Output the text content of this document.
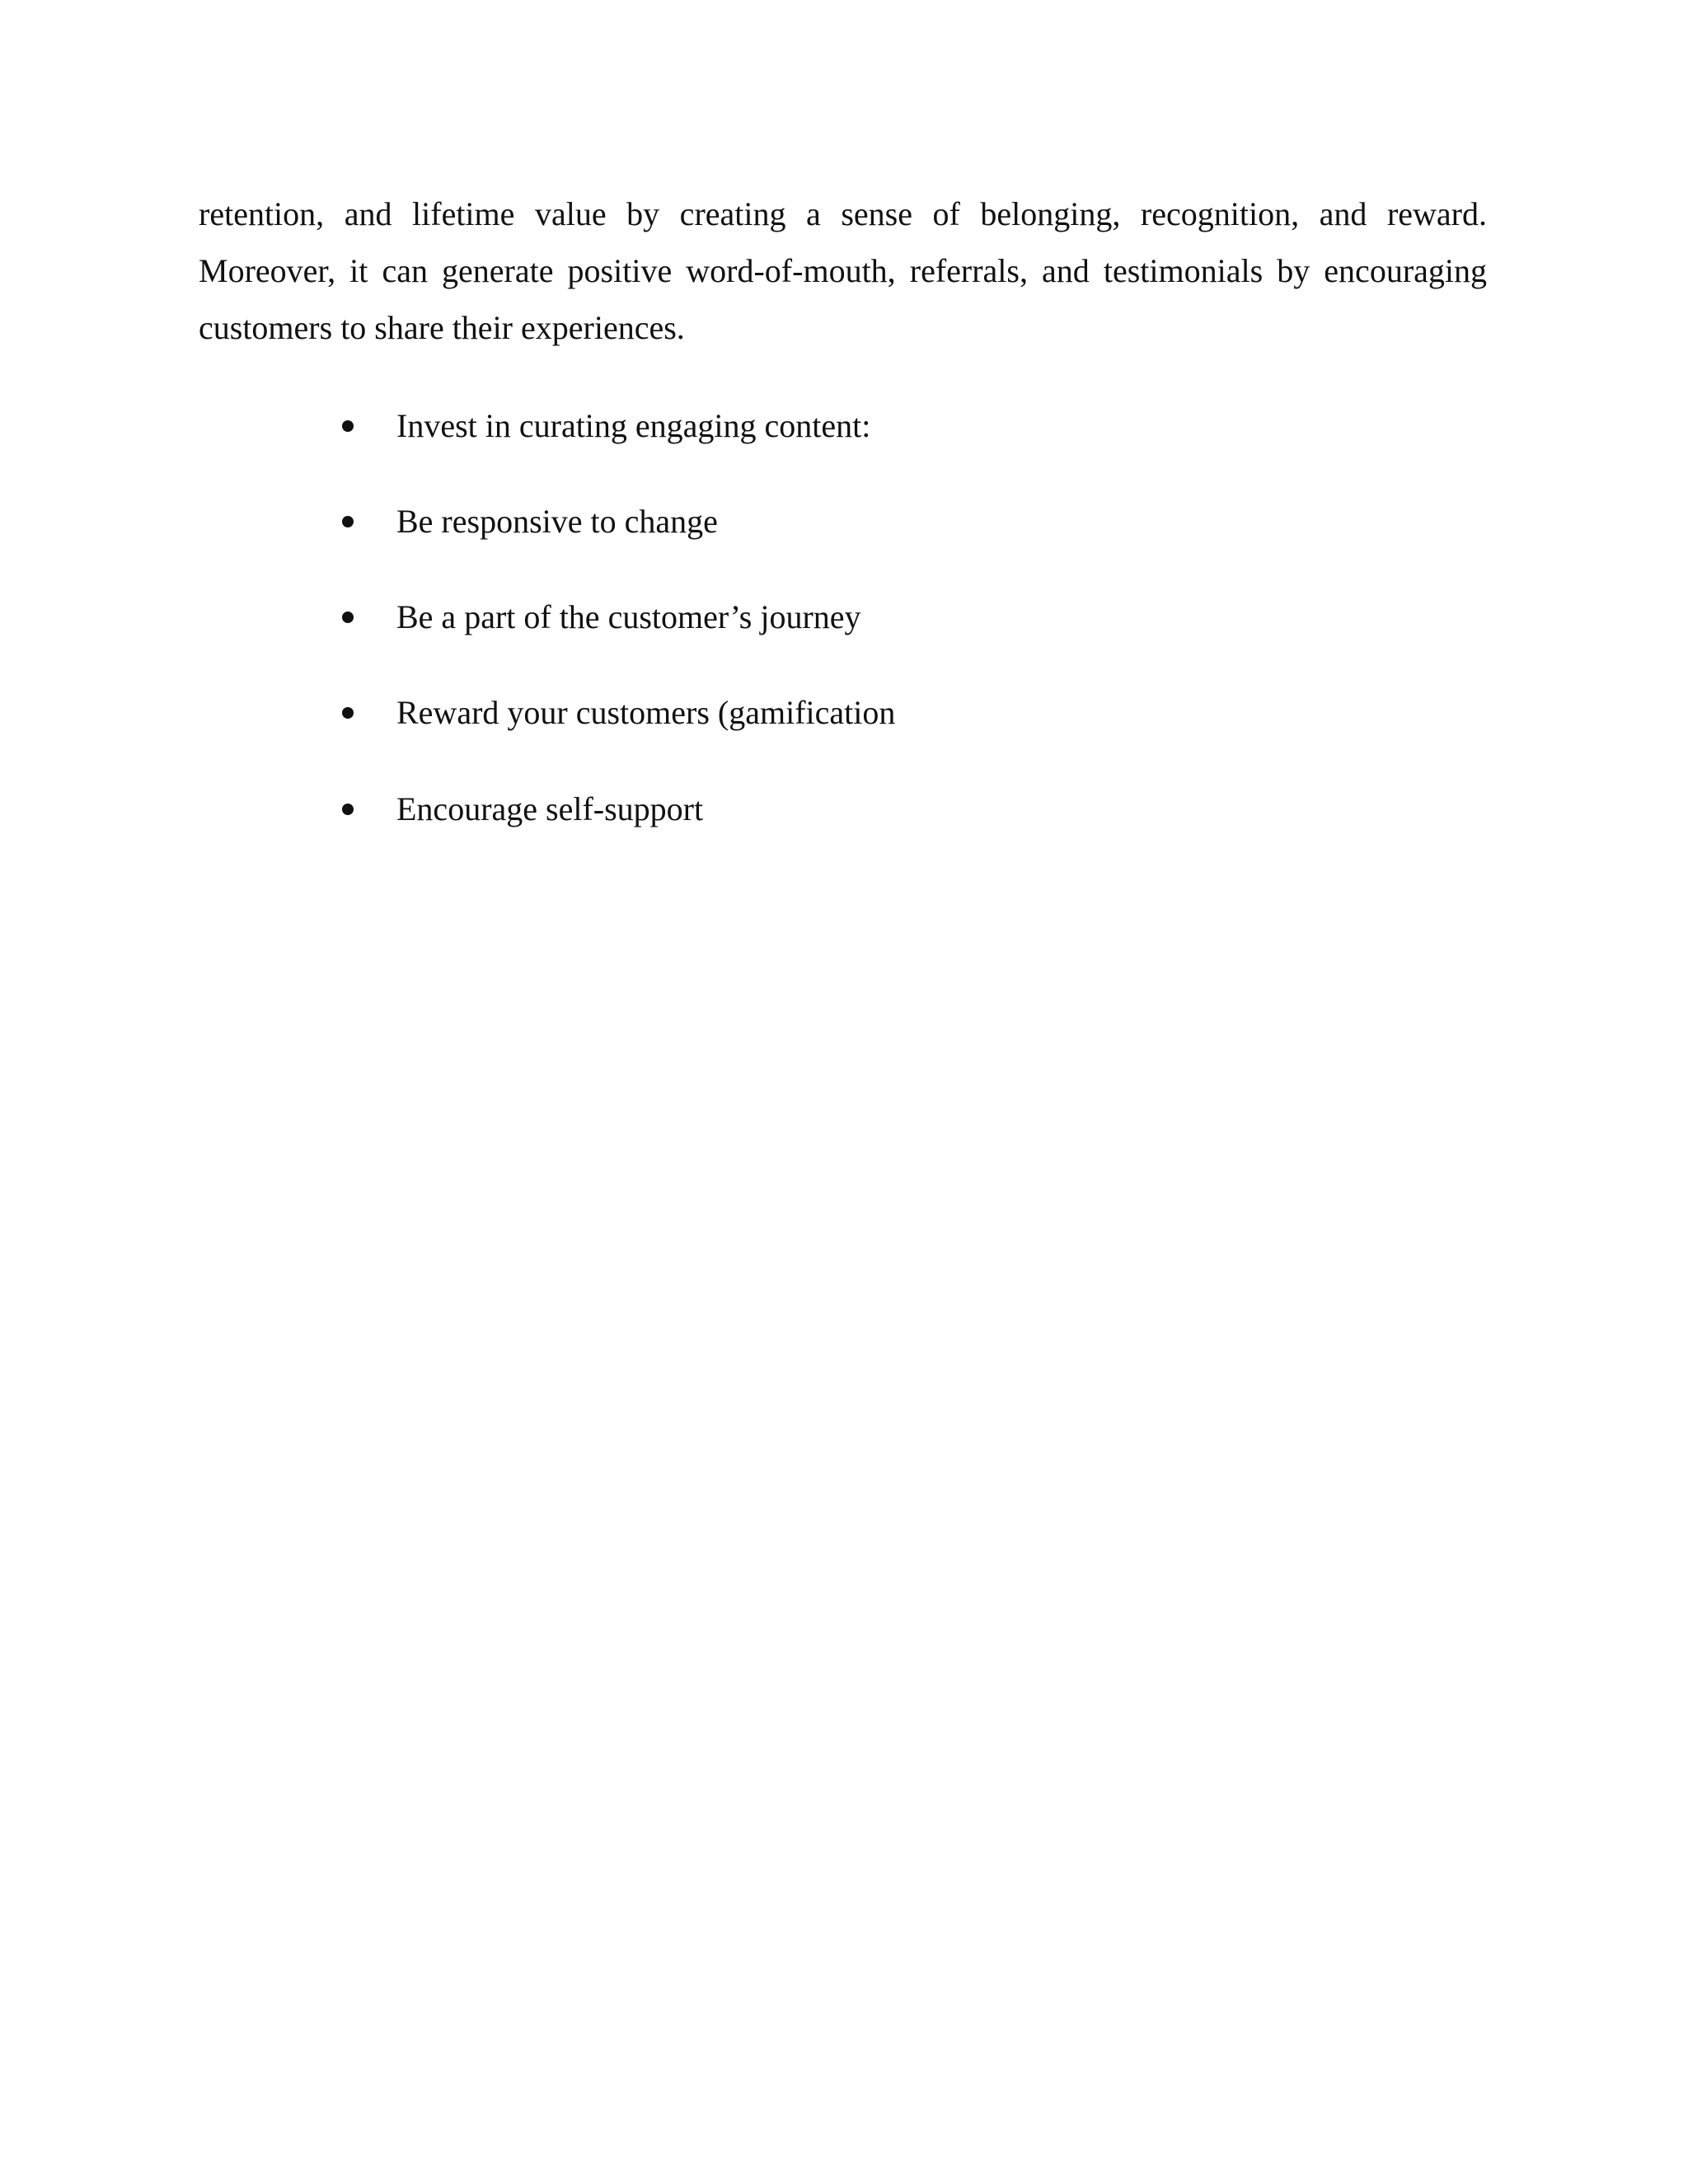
retention, and lifetime value by creating a sense of belonging, recognition, and reward. Moreover, it can generate positive word-of-mouth, referrals, and testimonials by encouraging customers to share their experiences.

Invest in curating engaging content:
Be responsive to change
Be a part of the customer’s journey
Reward your customers (gamification
Encourage self-support
